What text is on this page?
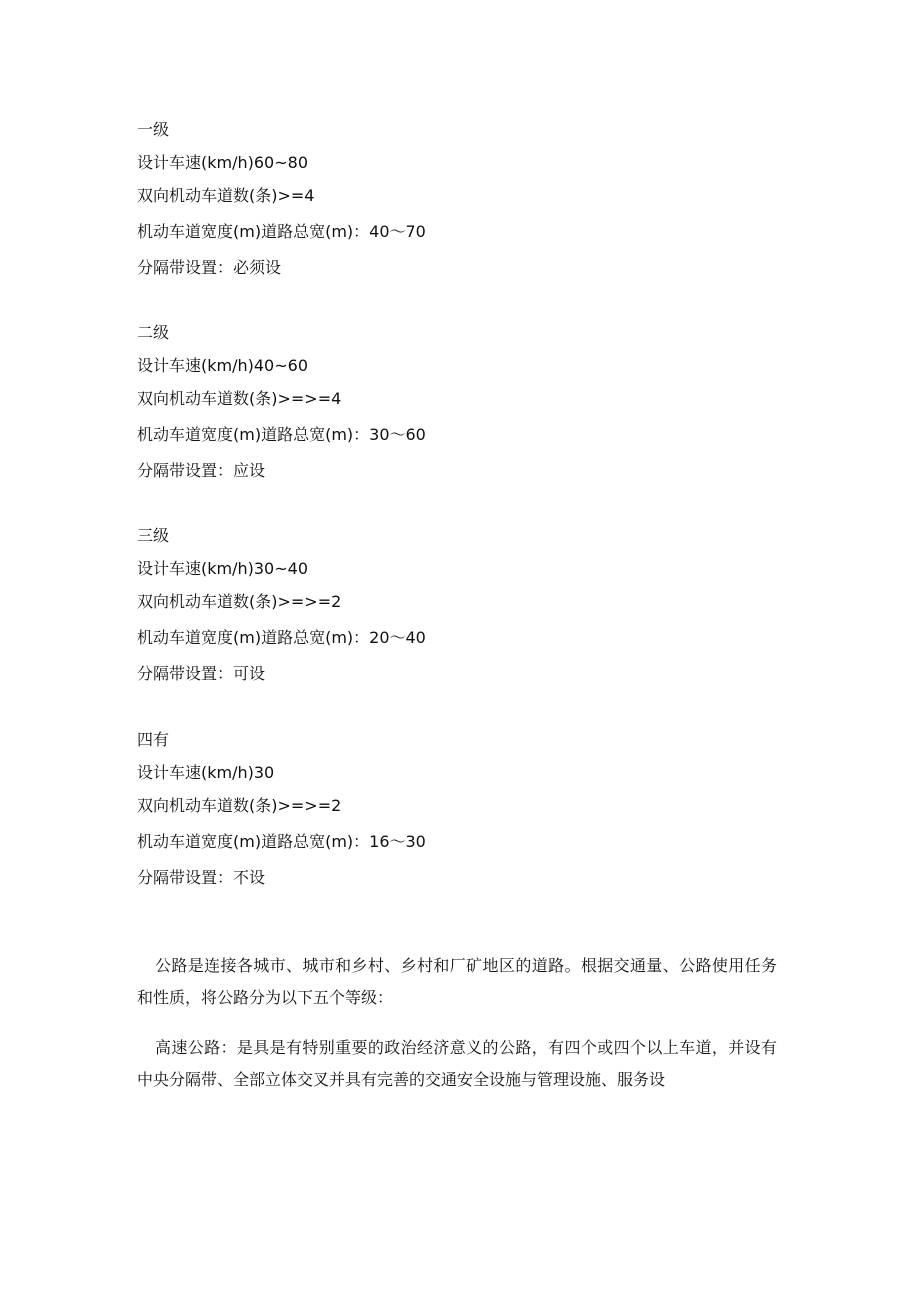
一级
设计车速(km/h)60~80
双向机动车道数(条)>=4
机动车道宽度(m)道路总宽(m)：40～70
分隔带设置：必须设
二级
设计车速(km/h)40~60
双向机动车道数(条)>=>=4
机动车道宽度(m)道路总宽(m)：30～60
分隔带设置：应设
三级
设计车速(km/h)30~40
双向机动车道数(条)>=>=2
机动车道宽度(m)道路总宽(m)：20～40
分隔带设置：可设
四有
设计车速(km/h)30
双向机动车道数(条)>=>=2
机动车道宽度(m)道路总宽(m)：16～30
分隔带设置：不设

公路是连接各城市、城市和乡村、乡村和厂矿地区的道路。根据交通量、公路使用任务和性质，将公路分为以下五个等级：

高速公路：是具是有特别重要的政治经济意义的公路，有四个或四个以上车道，并设有中央分隔带、全部立体交叉并具有完善的交通安全设施与管理设施、服务设
